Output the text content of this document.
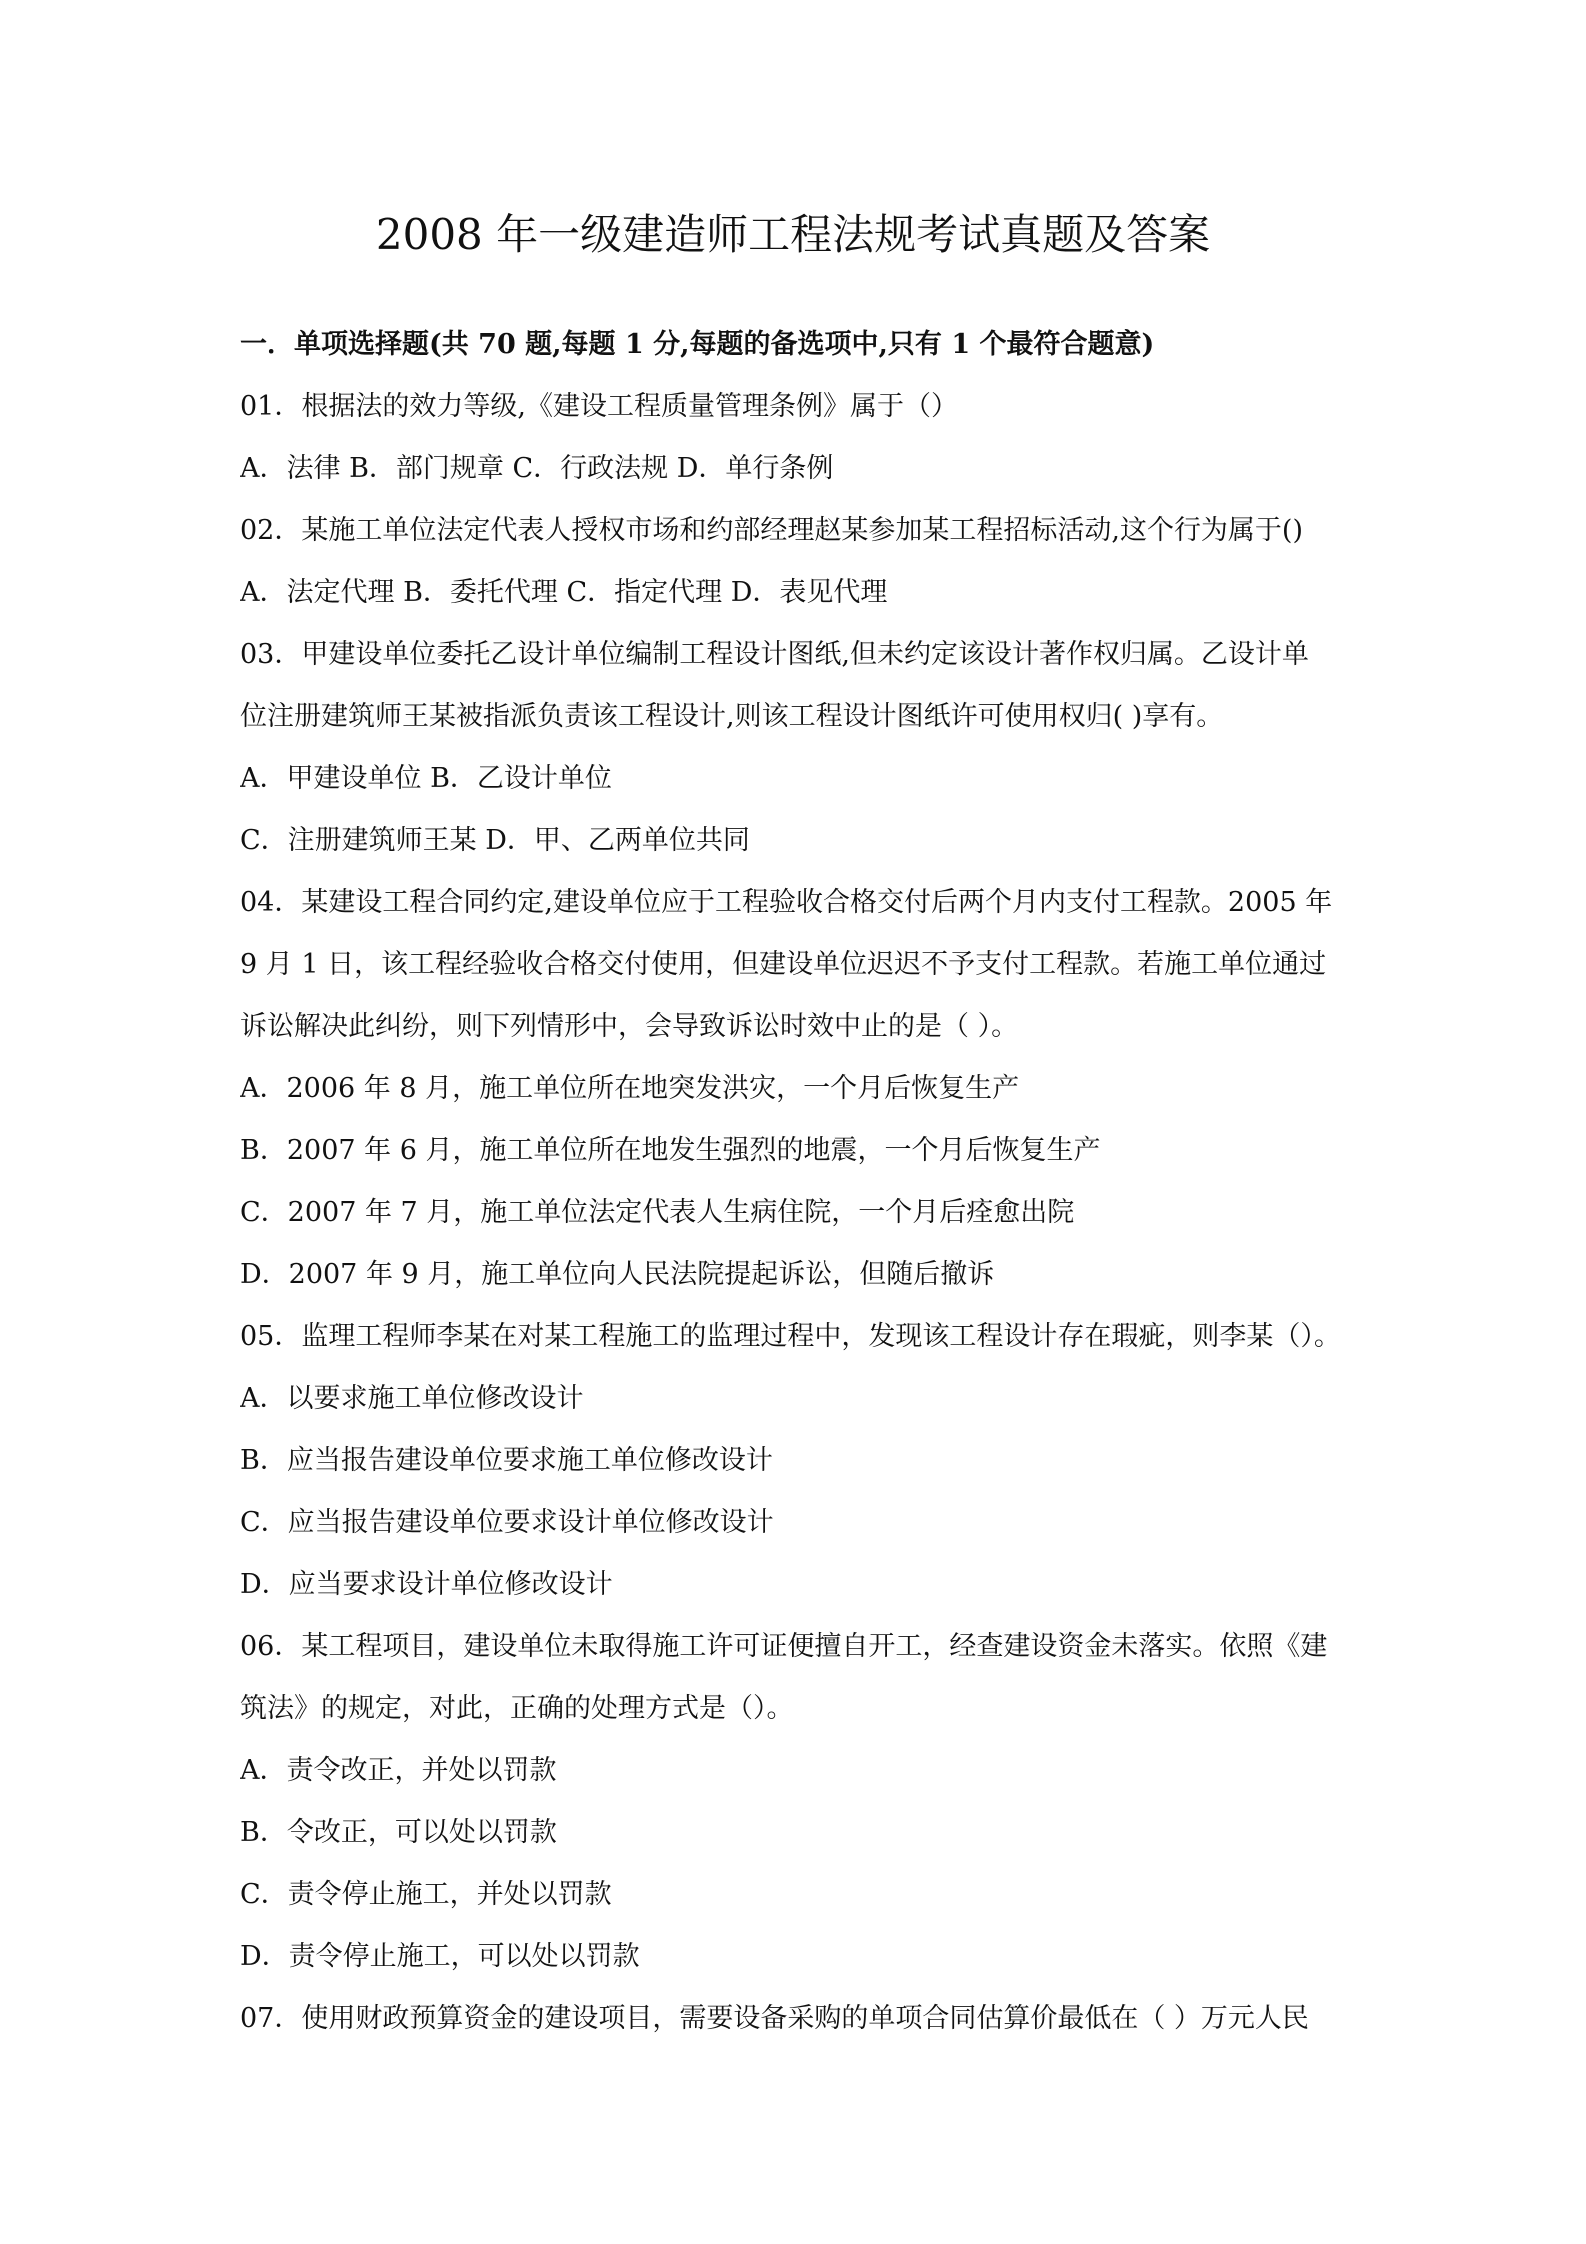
2008 年一级建造师工程法规考试真题及答案
一．单项选择题(共 70 题,每题 1 分,每题的备选项中,只有 1 个最符合题意)
01．根据法的效力等级,《建设工程质量管理条例》属于（）
A．法律 B．部门规章 C．行政法规 D．单行条例
02．某施工单位法定代表人授权市场和约部经理赵某参加某工程招标活动,这个行为属于()
A．法定代理 B．委托代理 C．指定代理 D．表见代理
03．甲建设单位委托乙设计单位编制工程设计图纸,但未约定该设计著作权归属。乙设计单
位注册建筑师王某被指派负责该工程设计,则该工程设计图纸许可使用权归( )享有。
A．甲建设单位 B．乙设计单位
C．注册建筑师王某 D．甲、乙两单位共同
04．某建设工程合同约定,建设单位应于工程验收合格交付后两个月内支付工程款。2005 年
9 月 1 日，该工程经验收合格交付使用，但建设单位迟迟不予支付工程款。若施工单位通过
诉讼解决此纠纷，则下列情形中，会导致诉讼时效中止的是（ ）。
A．2006 年 8 月，施工单位所在地突发洪灾，一个月后恢复生产
B．2007 年 6 月，施工单位所在地发生强烈的地震，一个月后恢复生产
C．2007 年 7 月，施工单位法定代表人生病住院，一个月后痊愈出院
D．2007 年 9 月，施工单位向人民法院提起诉讼，但随后撤诉
05．监理工程师李某在对某工程施工的监理过程中，发现该工程设计存在瑕疵，则李某（）。
A．以要求施工单位修改设计
B．应当报告建设单位要求施工单位修改设计
C．应当报告建设单位要求设计单位修改设计
D．应当要求设计单位修改设计
06．某工程项目，建设单位未取得施工许可证便擅自开工，经查建设资金未落实。依照《建
筑法》的规定，对此，正确的处理方式是（）。
A．责令改正，并处以罚款
B．令改正，可以处以罚款
C．责令停止施工，并处以罚款
D．责令停止施工，可以处以罚款
07．使用财政预算资金的建设项目，需要设备采购的单项合同估算价最低在（ ）万元人民
